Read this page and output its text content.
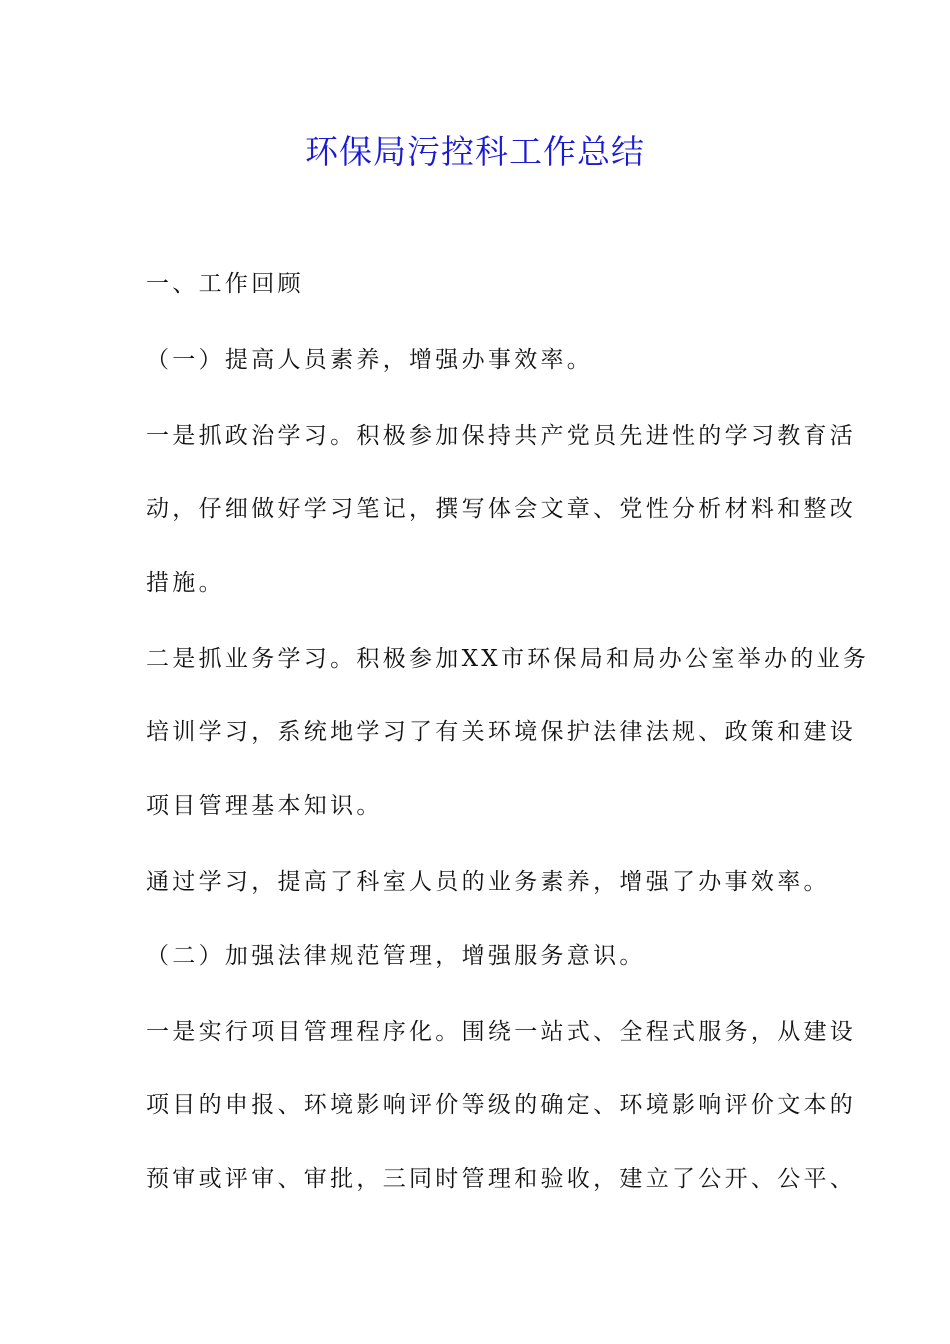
环保局污控科工作总结

一、工作回顾

（一）提高人员素养，增强办事效率。

一是抓政治学习。积极参加保持共产党员先进性的学习教育活

动，仔细做好学习笔记，撰写体会文章、党性分析材料和整改

措施。

二是抓业务学习。积极参加XX市环保局和局办公室举办的业务

培训学习，系统地学习了有关环境保护法律法规、政策和建设

项目管理基本知识。

通过学习，提高了科室人员的业务素养，增强了办事效率。

（二）加强法律规范管理，增强服务意识。

一是实行项目管理程序化。围绕一站式、全程式服务，从建设

项目的申报、环境影响评价等级的确定、环境影响评价文本的

预审或评审、审批，三同时管理和验收，建立了公开、公平、
